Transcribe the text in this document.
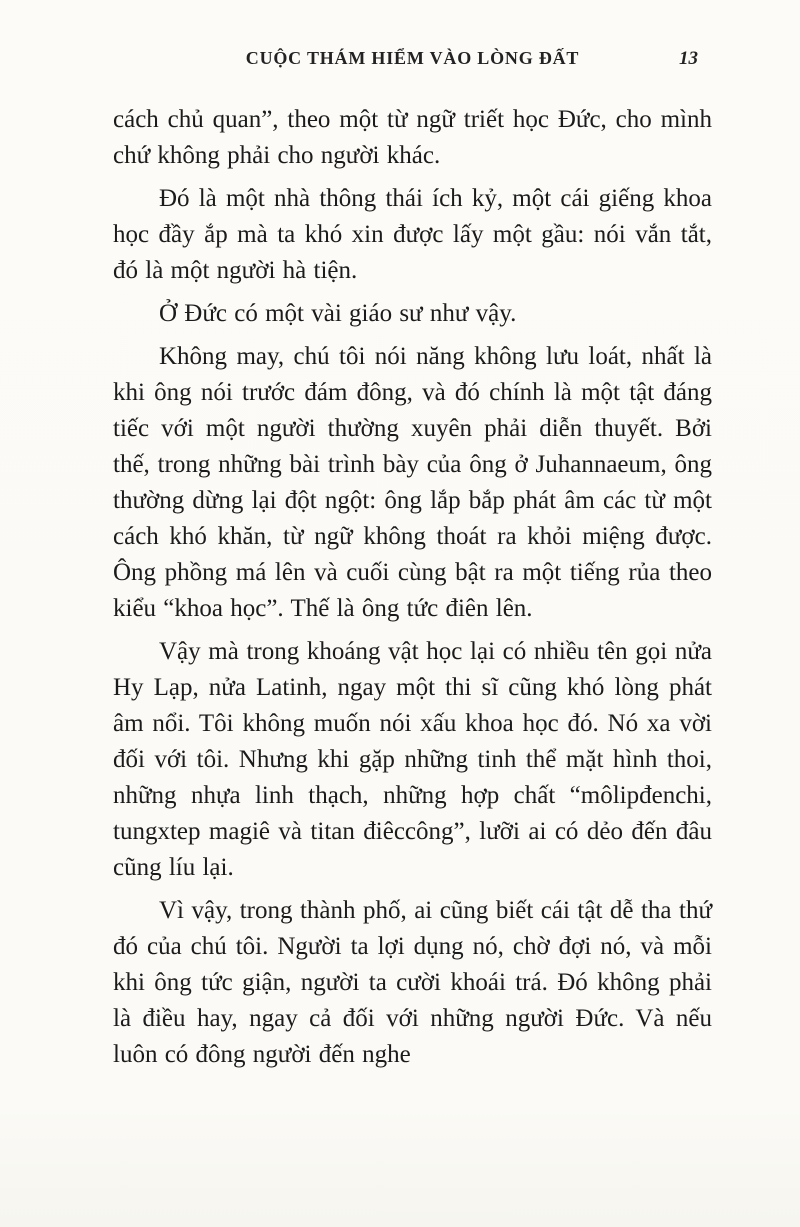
CUỘC THÁM HIỂM VÀO LÒNG ĐẤT	13

cách chủ quan”, theo một từ ngữ triết học Đức, cho mình chứ không phải cho người khác.

Đó là một nhà thông thái ích kỷ, một cái giếng khoa học đầy ắp mà ta khó xin được lấy một gầu: nói vắn tắt, đó là một người hà tiện.

Ở Đức có một vài giáo sư như vậy.

Không may, chú tôi nói năng không lưu loát, nhất là khi ông nói trước đám đông, và đó chính là một tật đáng tiếc với một người thường xuyên phải diễn thuyết. Bởi thế, trong những bài trình bày của ông ở Juhannaeum, ông thường dừng lại đột ngột: ông lắp bắp phát âm các từ một cách khó khăn, từ ngữ không thoát ra khỏi miệng được. Ông phồng má lên và cuối cùng bật ra một tiếng rủa theo kiểu “khoa học”. Thế là ông tức điên lên.

Vậy mà trong khoáng vật học lại có nhiều tên gọi nửa Hy Lạp, nửa Latinh, ngay một thi sĩ cũng khó lòng phát âm nổi. Tôi không muốn nói xấu khoa học đó. Nó xa vời đối với tôi. Nhưng khi gặp những tinh thể mặt hình thoi, những nhựa linh thạch, những hợp chất “môlipđenchi, tungxtep magiê và titan điêccông”, lưỡi ai có dẻo đến đâu cũng líu lại.

Vì vậy, trong thành phố, ai cũng biết cái tật dễ tha thứ đó của chú tôi. Người ta lợi dụng nó, chờ đợi nó, và mỗi khi ông tức giận, người ta cười khoái trá. Đó không phải là điều hay, ngay cả đối với những người Đức. Và nếu luôn có đông người đến nghe
